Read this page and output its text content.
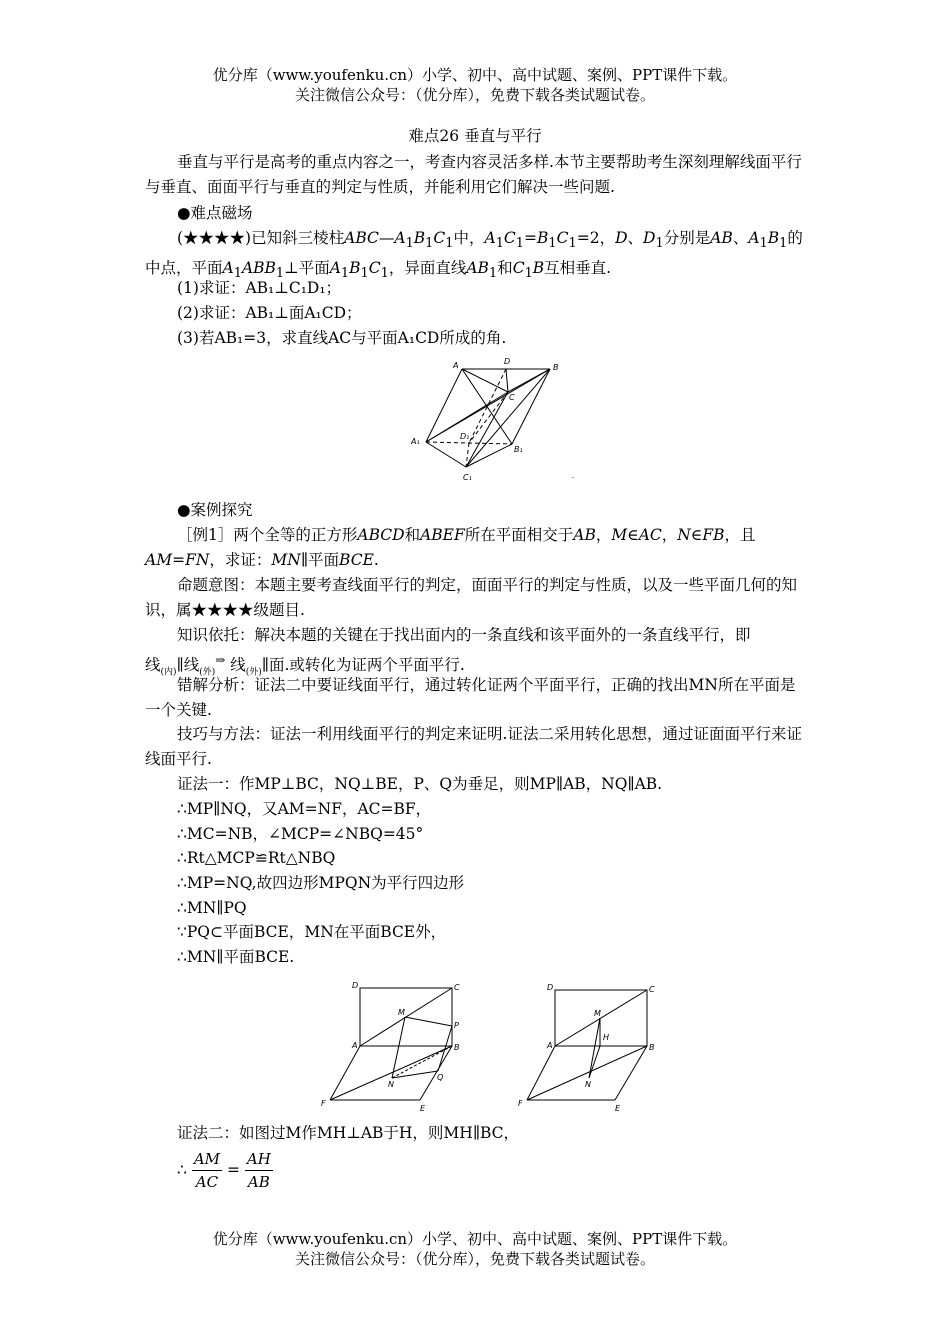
优分库（www.youfenku.cn）小学、初中、高中试题、案例、PPT课件下载。
关注微信公众号：（优分库），免费下载各类试题试卷。
难点26 垂直与平行
垂直与平行是高考的重点内容之一，考查内容灵活多样.本节主要帮助考生深刻理解线面平行与垂直、面面平行与垂直的判定与性质，并能利用它们解决一些问题.
●难点磁场
(★★★★)已知斜三棱柱$ABC—A_1B_1C_1$中，$A_1C_1=B_1C_1=2$，D、$D_1$分别是AB、$A_1B_1$的中点，平面$A_1ABB_1\perp$平面$A_1B_1C_1$，异面直线$AB_1$和$C_1B$互相垂直.
(1)求证：AB₁⊥C₁D₁；
(2)求证：AB₁⊥面A₁CD；
(3)若AB₁=3，求直线AC与平面A₁CD所成的角.
A	D
B
C
A₁
D₁
B₁
C₁	.
●案例探究
［例1］两个全等的正方形ABCD和ABEF所在平面相交于AB，M∈AC，N∈FB，且AM=FN，求证：MN∥平面BCE.
命题意图：本题主要考查线面平行的判定，面面平行的判定与性质，以及一些平面几何的知识，属★★★★级题目.
知识依托：解决本题的关键在于找出面内的一条直线和该平面外的一条直线平行，即
线$_{(内)}$∥线$_{(外)}$⇒ 线$_{(外)}$∥面.或转化为证两个平面平行.
错解分析：证法二中要证线面平行，通过转化证两个平面平行，正确的找出MN所在平面是一个关键.
技巧与方法：证法一利用线面平行的判定来证明.证法二采用转化思想，通过证面面平行来证线面平行.
证法一：作MP⊥BC，NQ⊥BE，P、Q为垂足，则MP∥AB，NQ∥AB.
∴MP∥NQ，又AM=NF，AC=BF，
∴MC=NB，∠MCP=∠NBQ=45°
∴Rt△MCP≌Rt△NBQ
∴MP=NQ,故四边形MPQN为平行四边形
∴MN∥PQ
∵PQ⊂平面BCE，MN在平面BCE外，
∴MN∥平面BCE.
D	C
M
P
A	B
N
Q
F
E
D	C
M
H
A	B
N
F
E
证法二：如图过M作MH⊥AB于H，则MH∥BC，
∴ $\frac{AM}{AC} = \frac{AH}{AB}$
优分库（www.youfenku.cn）小学、初中、高中试题、案例、PPT课件下载。
关注微信公众号：（优分库），免费下载各类试题试卷。
